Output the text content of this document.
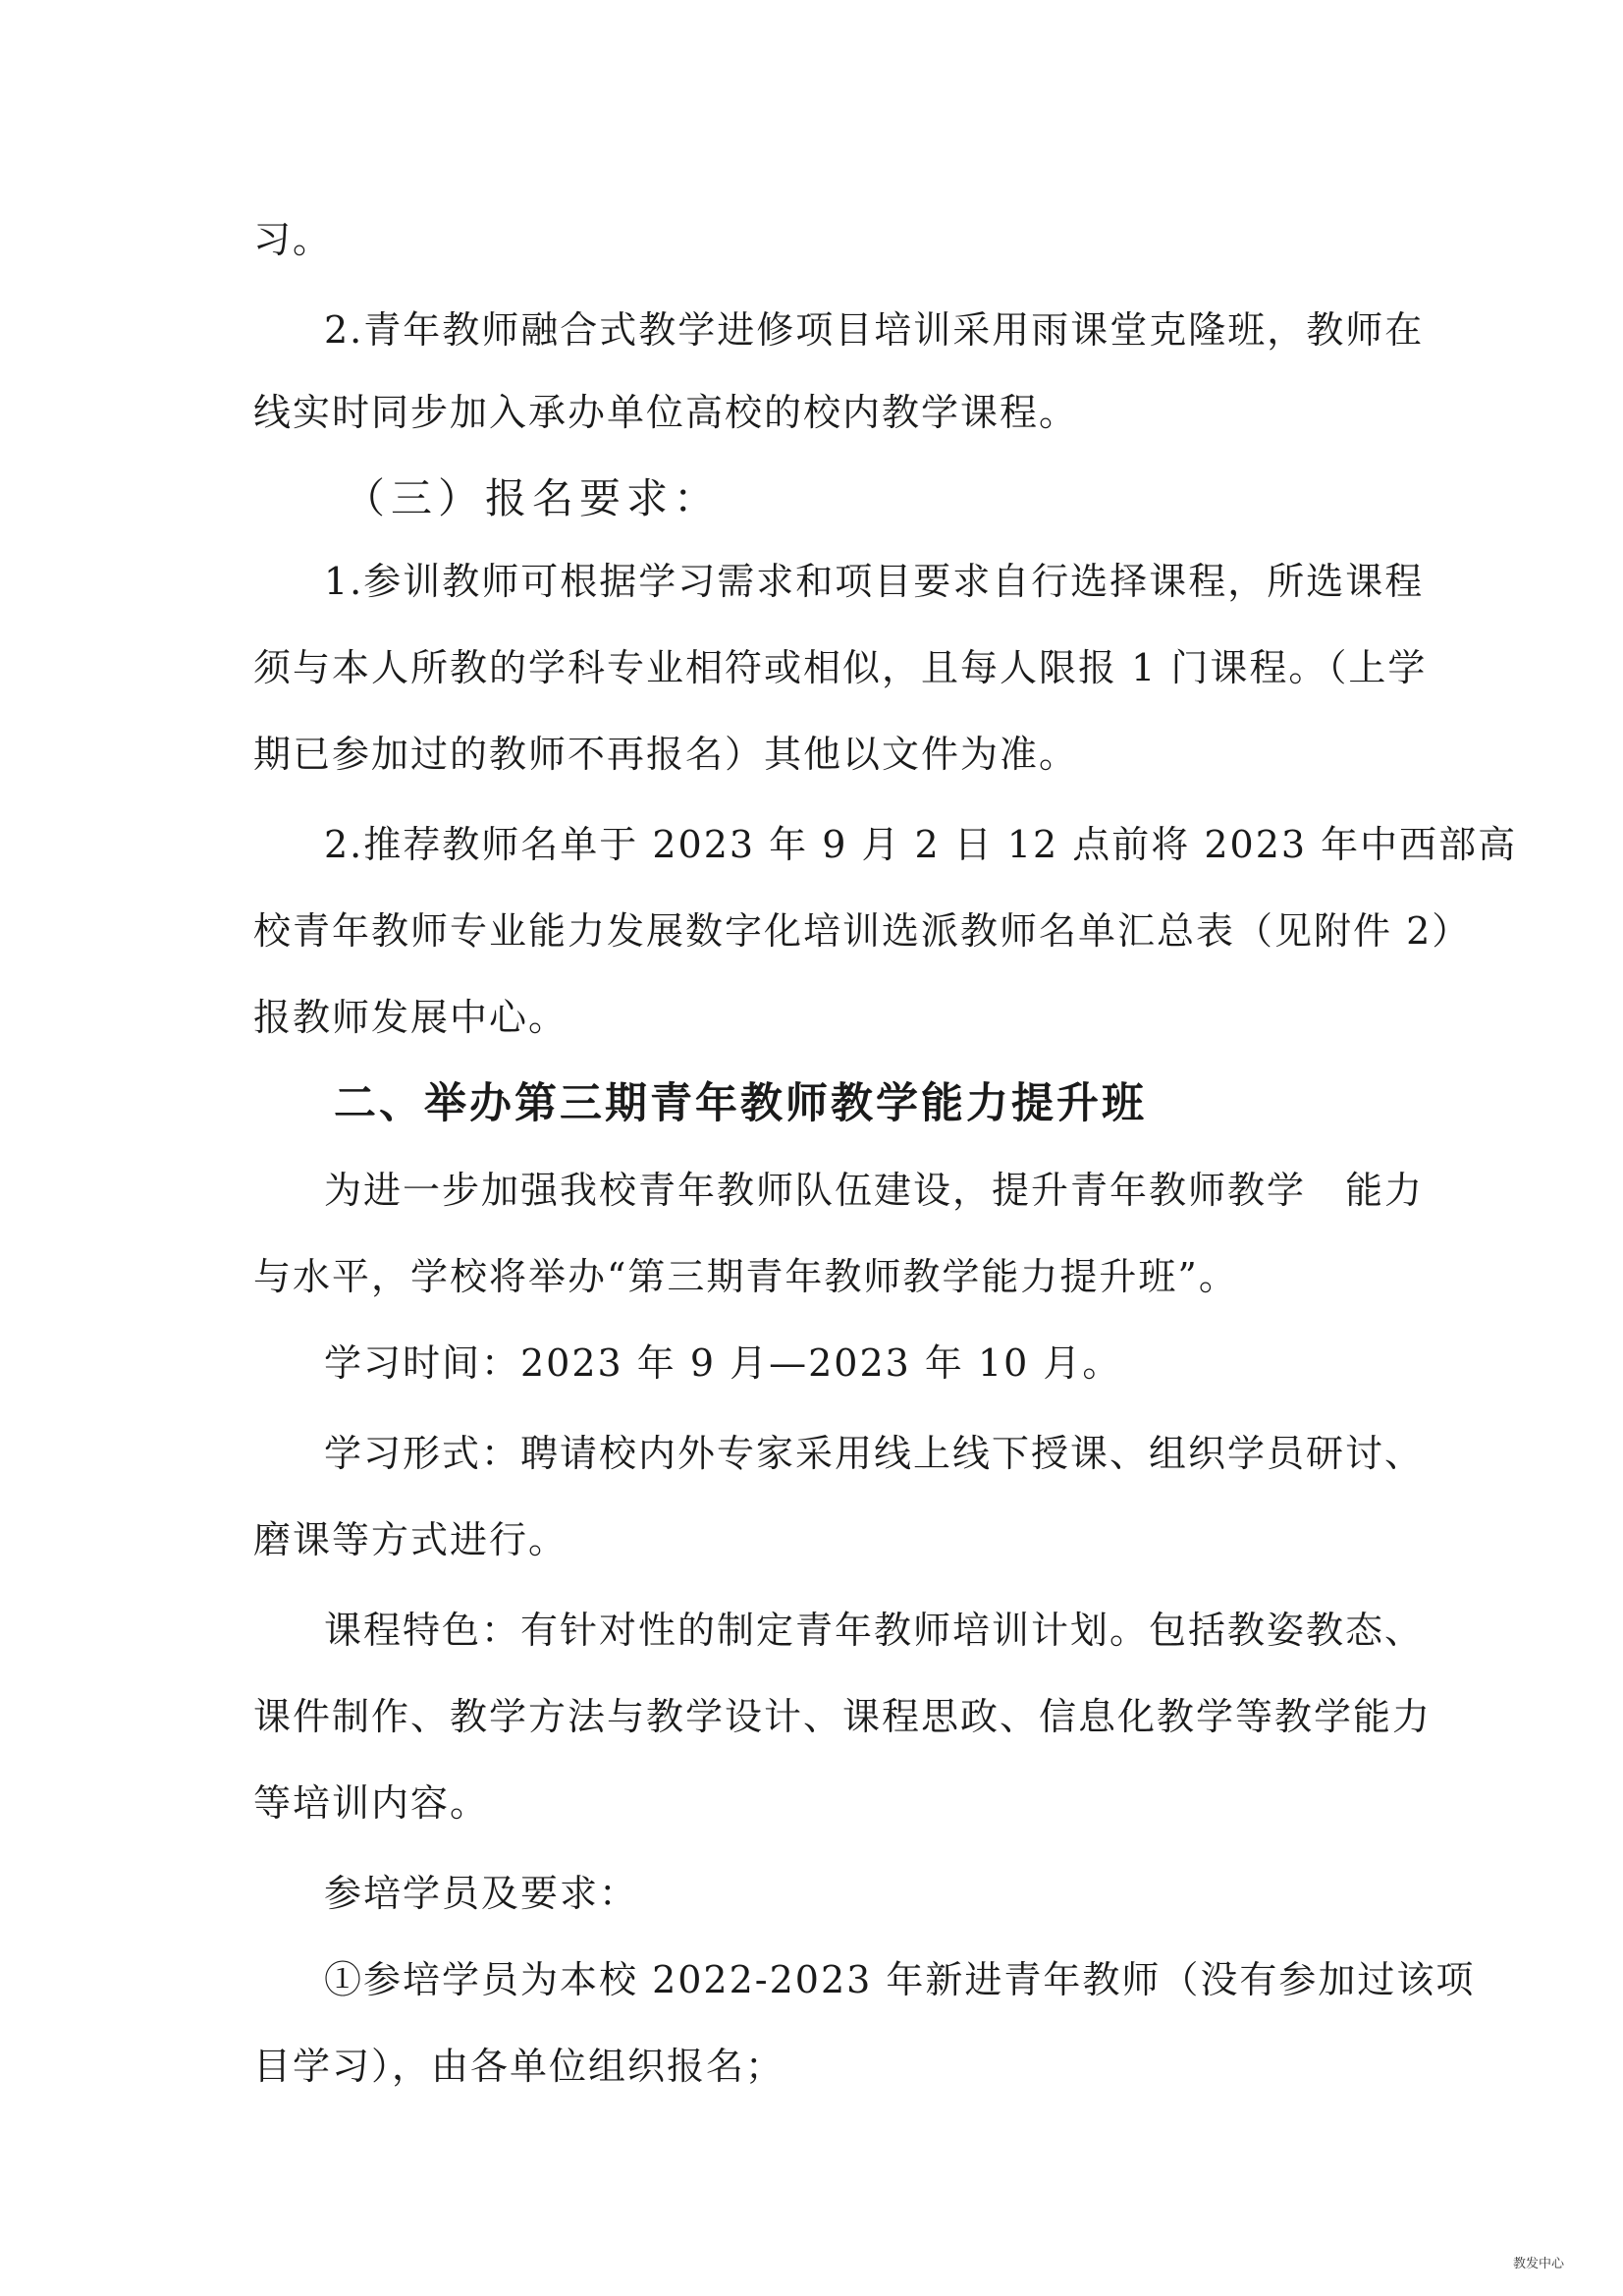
习。
2.青年教师融合式教学进修项目培训采用雨课堂克隆班，教师在
线实时同步加入承办单位高校的校内教学课程。
（三）报名要求：
1.参训教师可根据学习需求和项目要求自行选择课程，所选课程
须与本人所教的学科专业相符或相似，且每人限报 1 门课程。（上学
期已参加过的教师不再报名）其他以文件为准。
2.推荐教师名单于 2023 年 9 月 2 日 12 点前将 2023 年中西部高
校青年教师专业能力发展数字化培训选派教师名单汇总表（见附件 2）
报教师发展中心。
二、举办第三期青年教师教学能力提升班
为进一步加强我校青年教师队伍建设，提升青年教师教学　能力
与水平，学校将举办“第三期青年教师教学能力提升班”。
学习时间：2023 年 9 月—2023 年 10 月。
学习形式：聘请校内外专家采用线上线下授课、组织学员研讨、
磨课等方式进行。
课程特色：有针对性的制定青年教师培训计划。包括教姿教态、
课件制作、教学方法与教学设计、课程思政、信息化教学等教学能力
等培训内容。
参培学员及要求：
①参培学员为本校 2022-2023 年新进青年教师（没有参加过该项
目学习），由各单位组织报名；
教发中心
